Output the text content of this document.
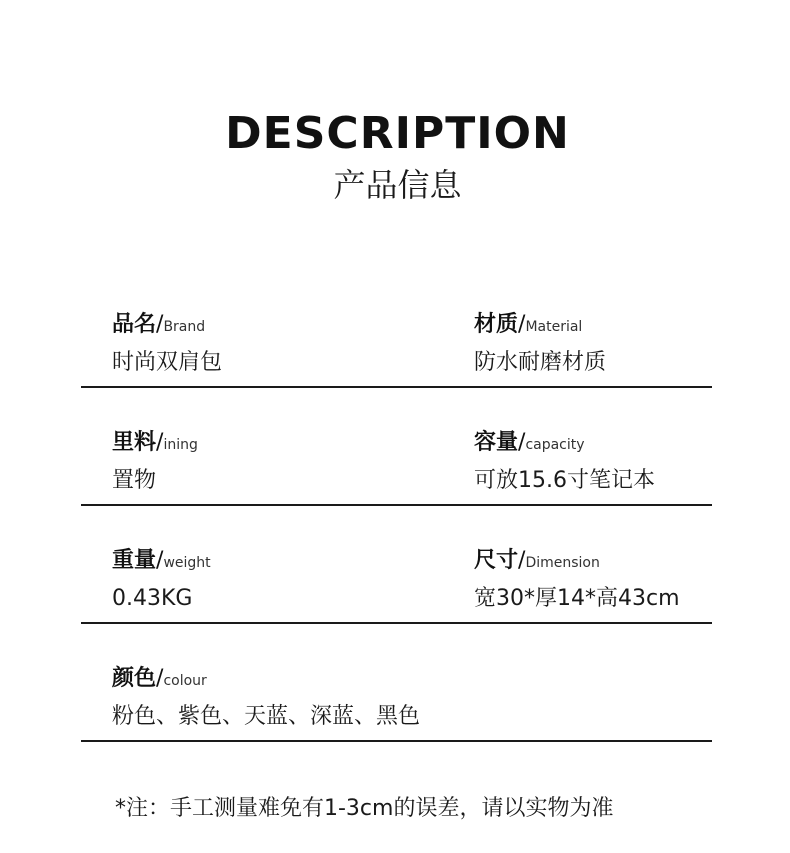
DESCRIPTION
产品信息
品名/Brand
时尚双肩包
材质/Material
防水耐磨材质
里料/ining
置物
容量/capacity
可放15.6寸笔记本
重量/weight
0.43KG
尺寸/Dimension
宽30*厚14*高43cm
颜色/colour
粉色、紫色、天蓝、深蓝、黑色
*注：手工测量难免有1-3cm的误差，请以实物为准
